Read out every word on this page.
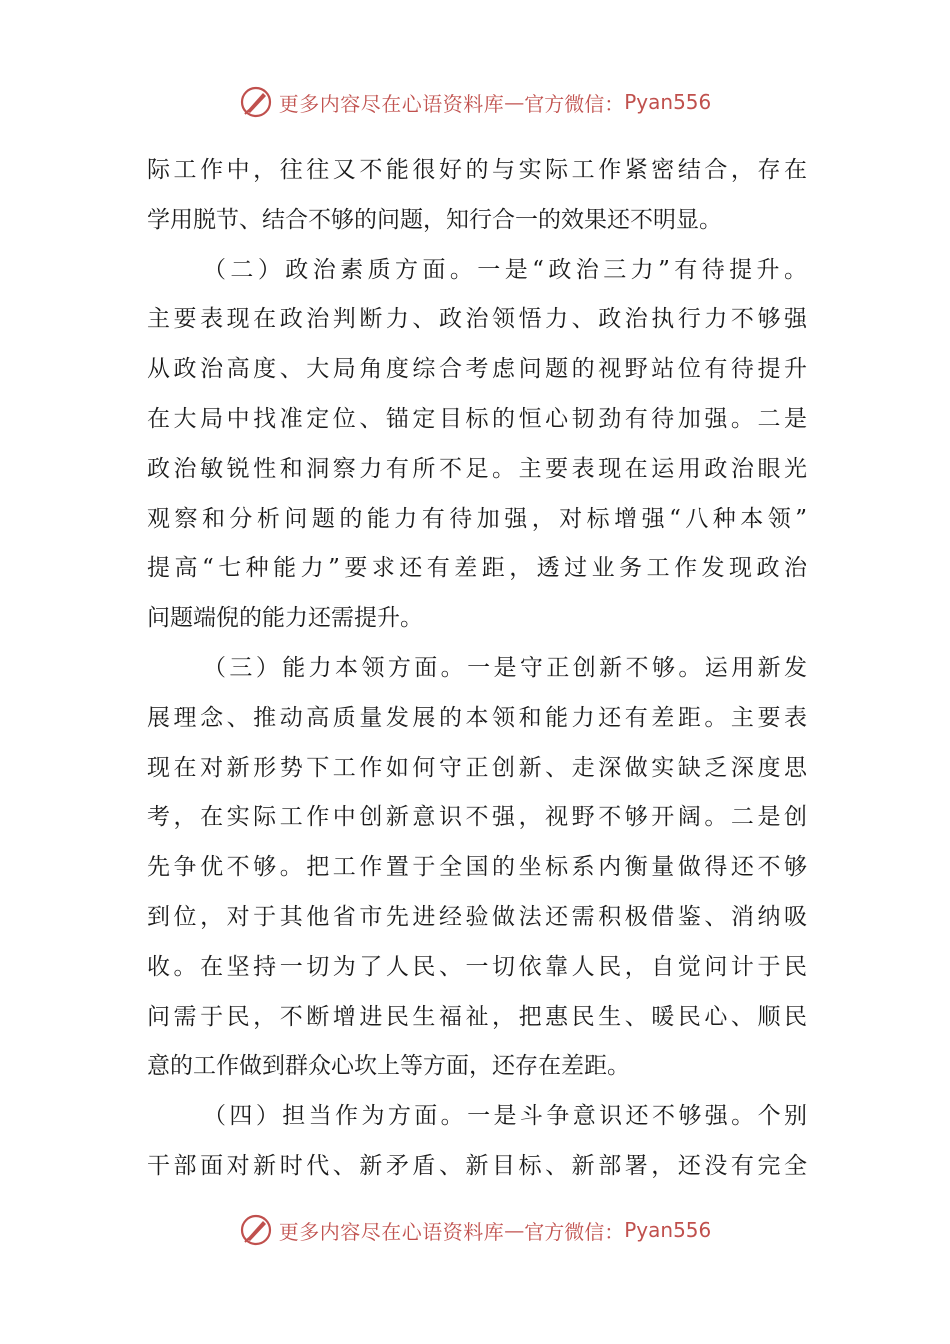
更多内容尽在心语资料库 — 官方微信： Pyan556
际工作中，往往又不能很好的与实际工作紧密结合，存在
学用脱节、结合不够的问题，知行合一的效果还不明显。
（二）政治素质方面。一是“政治三力”有待提升。
主要表现在政治判断力、政治领悟力、政治执行力不够强
从政治高度、大局角度综合考虑问题的视野站位有待提升
在大局中找准定位、锚定目标的恒心韧劲有待加强。二是
政治敏锐性和洞察力有所不足。主要表现在运用政治眼光
观察和分析问题的能力有待加强，对标增强“八种本领”
提高“七种能力”要求还有差距，透过业务工作发现政治
问题端倪的能力还需提升。
（三）能力本领方面。一是守正创新不够。运用新发
展理念、推动高质量发展的本领和能力还有差距。主要表
现在对新形势下工作如何守正创新、走深做实缺乏深度思
考，在实际工作中创新意识不强，视野不够开阔。二是创
先争优不够。把工作置于全国的坐标系内衡量做得还不够
到位，对于其他省市先进经验做法还需积极借鉴、消纳吸
收。在坚持一切为了人民、一切依靠人民，自觉问计于民
问需于民，不断增进民生福祉，把惠民生、暖民心、顺民
意的工作做到群众心坎上等方面，还存在差距。
（四）担当作为方面。一是斗争意识还不够强。个别
干部面对新时代、新矛盾、新目标、新部署，还没有完全
更多内容尽在心语资料库 — 官方微信： Pyan556
